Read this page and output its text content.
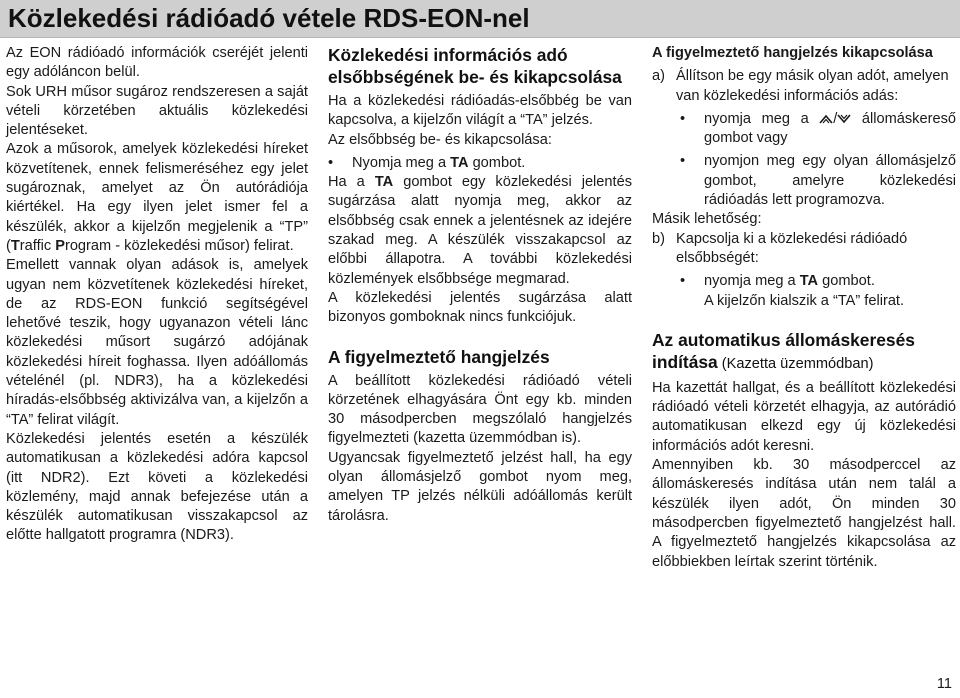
Közlekedési rádióadó vétele RDS-EON-nel

Az EON rádióadó információk cseréjét jelenti egy adóláncon belül.

Sok URH műsor sugároz rendszeresen a saját vételi körzetében aktuális közlekedési jelentéseket.

Azok a műsorok, amelyek közlekedési híreket közvetítenek, ennek felismeréséhez egy jelet sugároznak, amelyet az Ön autórádiója kiértékel. Ha egy ilyen jelet ismer fel a készülék, akkor a kijelzőn megjelenik a “TP” (Traffic Program - közlekedési műsor) felirat.

Emellett vannak olyan adások is, amelyek ugyan nem közvetítenek közlekedési híreket, de az RDS-EON funkció segítségével lehetővé teszik, hogy ugyanazon vételi lánc közlekedési műsort sugárzó adójának közlekedési híreit foghassa. Ilyen adóállomás vételénél (pl. NDR3), ha a közlekedési híradás-elsőbbség aktivizálva van, a kijelzőn a “TA” felirat világít.

Közlekedési jelentés esetén a készülék automatikusan a közlekedési adóra kapcsol (itt NDR2). Ezt követi a közlekedési közlemény, majd annak befejezése után a készülék automatikusan visszakapcsol az előtte hallgatott programra (NDR3).

Közlekedési információs adó elsőbbségének be- és kikapcsolása

Ha a közlekedési rádióadás-elsőbbég be van kapcsolva, a kijelzőn világít a “TA” jelzés.

Az elsőbbség be- és kikapcsolása:

• Nyomja meg a TA gombot.

Ha a TA gombot egy közlekedési jelentés sugárzása alatt nyomja meg, akkor az elsőbbség csak ennek a jelentésnek az idejére szakad meg. A készülék visszakapcsol az előbbi állapotra. A további közlekedési közlemények elsőbbsége megmarad.

A közlekedési jelentés sugárzása alatt bizonyos gomboknak nincs funkciójuk.

A figyelmeztető hangjelzés

A beállított közlekedési rádióadó vételi körzetének elhagyására Önt egy kb. minden 30 másodpercben megszólaló hangjelzés figyelmezteti (kazetta üzemmódban is).

Ugyancsak figyelmeztető jelzést hall, ha egy olyan állomásjelző gombot nyom meg, amelyen TP jelzés nélküli adóállomás került tárolásra.

A figyelmeztető hangjelzés kikapcsolása
a) Állítson be egy másik olyan adót, amelyen van közlekedési információs adás:

• nyomja meg a / állomáskereső gombot vagy

• nyomjon meg egy olyan állomásjelző gombot, amelyre közlekedési rádióadás lett programozva.

Másik lehetőség:

b) Kapcsolja ki a közlekedési rádióadó elsőbbségét:

• nyomja meg a TA gombot.
A kijelzőn kialszik a “TA” felirat.

Az automatikus állomáskeresés indítása (Kazetta üzemmódban)

Ha kazettát hallgat, és a beállított közlekedési rádióadó vételi körzetét elhagyja, az autórádió automatikusan elkezd egy új közlekedési információs adót keresni.

Amennyiben kb. 30 másodperccel az állomáskeresés indítása után nem talál a készülék ilyen adót, Ön minden 30 másodpercben figyelmeztető hangjelzést hall. A figyelmeztető hangjelzés kikapcsolása az előbbiekben leírtak szerint történik.

11
